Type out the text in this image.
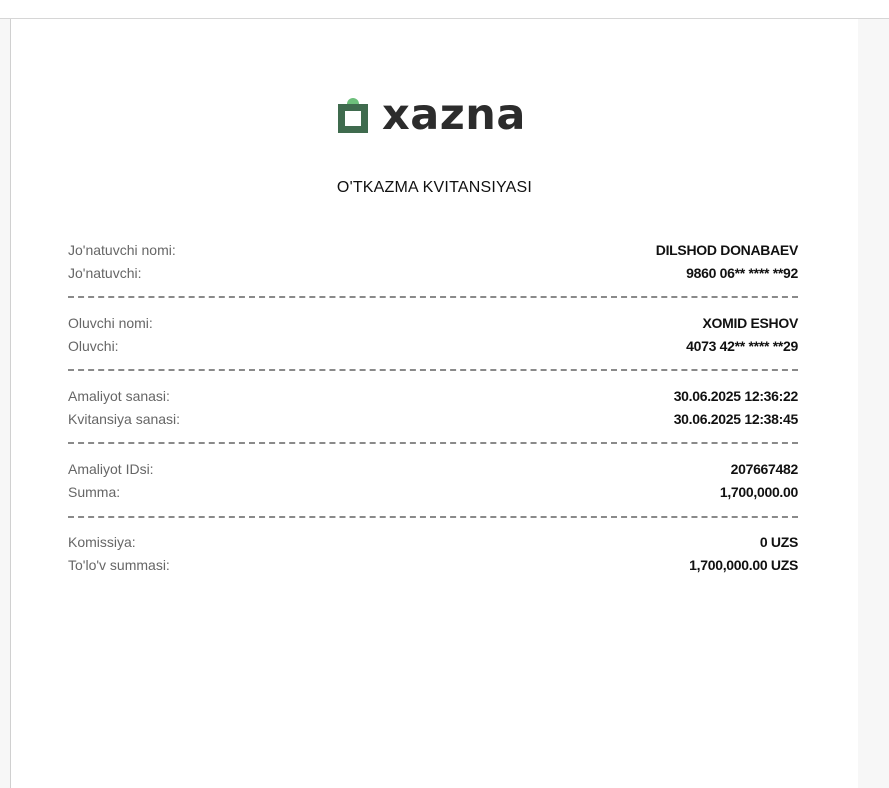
xazna
O'TKAZMA KVITANSIYASI
Jo'natuvchi nomi:	DILSHOD DONABAEV
Jo'natuvchi:	9860 06** **** **92
Oluvchi nomi:	XOMID ESHOV
Oluvchi:	4073 42** **** **29
Amaliyot sanasi:	30.06.2025 12:36:22
Kvitansiya sanasi:	30.06.2025 12:38:45
Amaliyot IDsi:	207667482
Summa:	1,700,000.00
Komissiya:	0 UZS
To'lo'v summasi:	1,700,000.00 UZS
